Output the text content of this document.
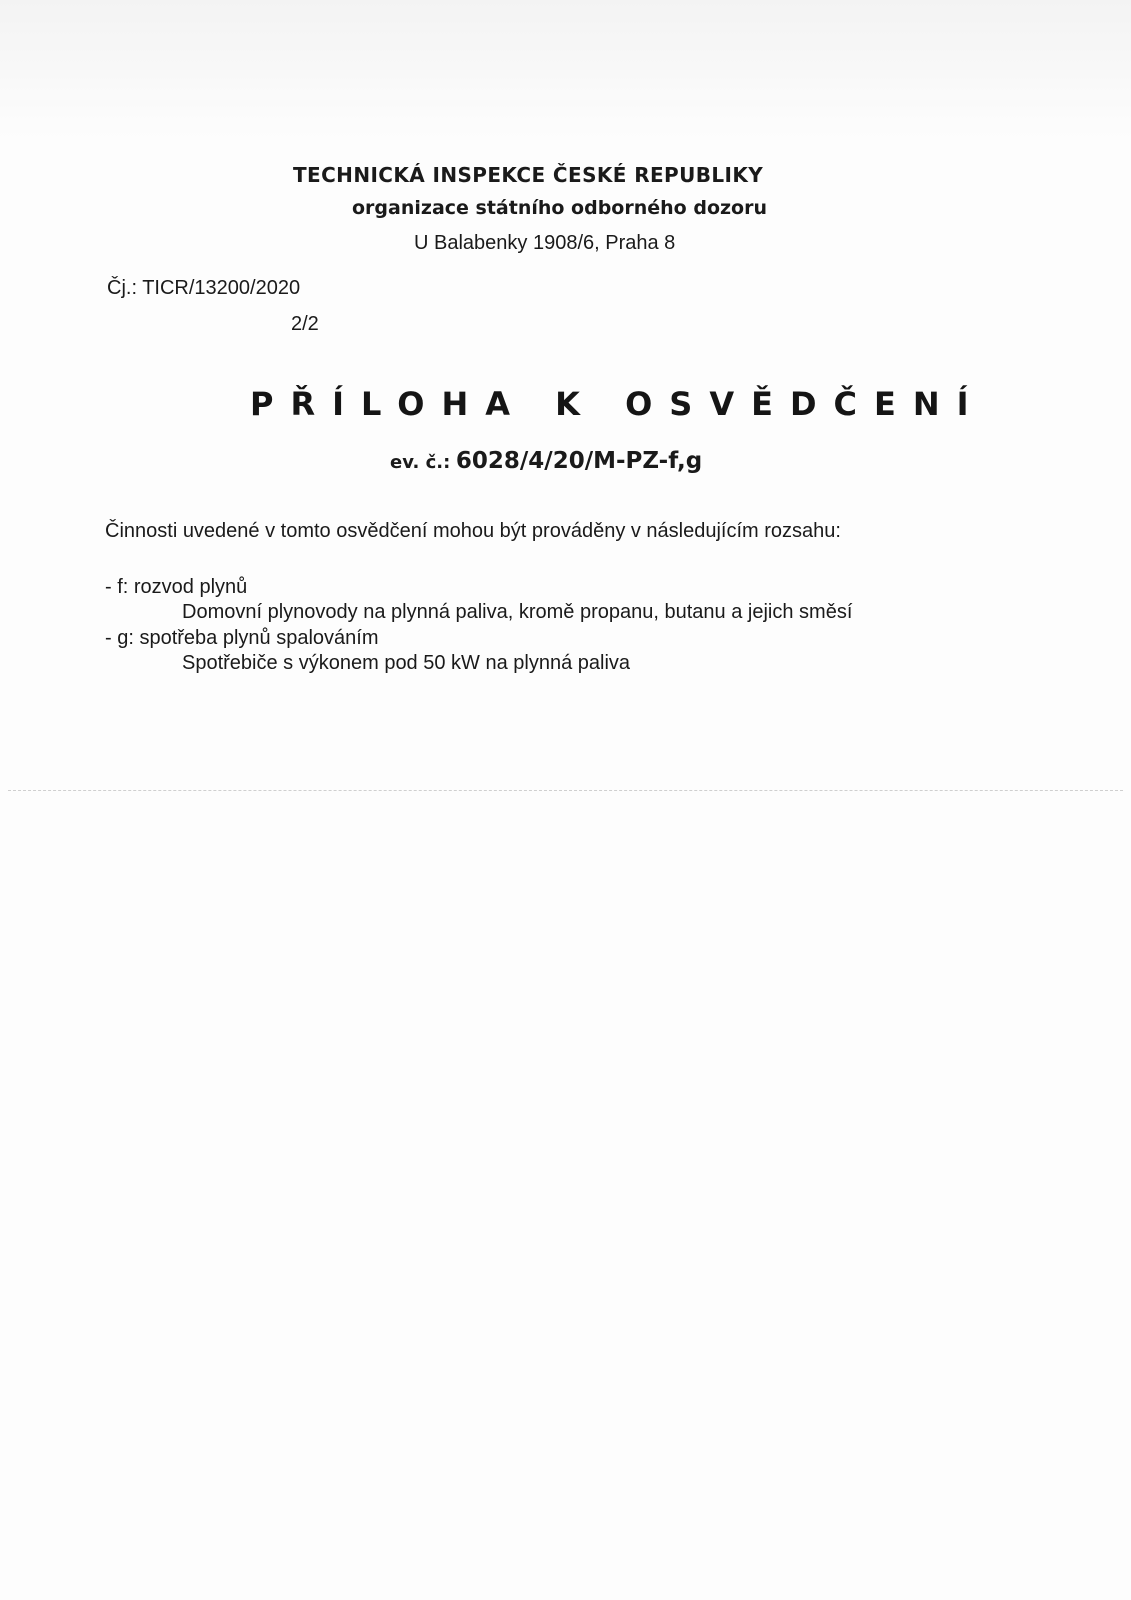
TECHNICKÁ INSPEKCE ČESKÉ REPUBLIKY
organizace státního odborného dozoru
U Balabenky 1908/6, Praha 8
Čj.: TICR/13200/2020
2/2
PŘÍLOHA K OSVĚDČENÍ
ev. č.: 6028/4/20/M-PZ-f,g
Činnosti uvedené v tomto osvědčení mohou být prováděny v následujícím rozsahu:
- f: rozvod plynů
Domovní plynovody na plynná paliva, kromě propanu, butanu a jejich směsí
- g: spotřeba plynů spalováním
Spotřebiče s výkonem pod 50 kW na plynná paliva
